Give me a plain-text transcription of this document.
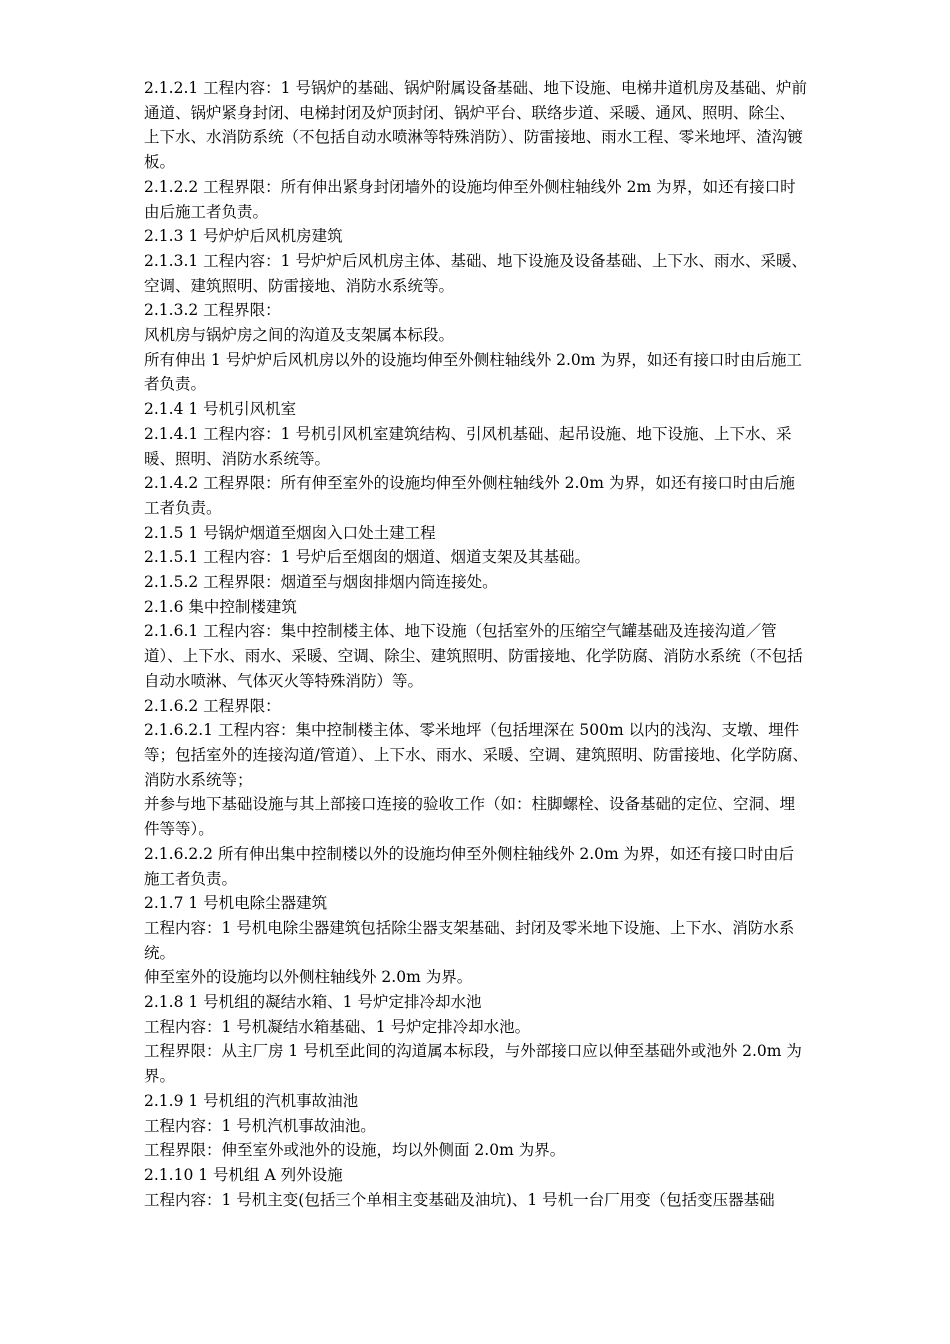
2.1.2.1 工程内容：1 号锅炉的基础、锅炉附属设备基础、地下设施、电梯井道机房及基础、炉前通道、锅炉紧身封闭、电梯封闭及炉顶封闭、锅炉平台、联络步道、采暖、通风、照明、除尘、上下水、水消防系统（不包括自动水喷淋等特殊消防）、防雷接地、雨水工程、零米地坪、渣沟镀板。

2.1.2.2 工程界限：所有伸出紧身封闭墙外的设施均伸至外侧柱轴线外 2m 为界，如还有接口时由后施工者负责。

2.1.3 1 号炉炉后风机房建筑

2.1.3.1 工程内容：1 号炉炉后风机房主体、基础、地下设施及设备基础、上下水、雨水、采暖、空调、建筑照明、防雷接地、消防水系统等。

2.1.3.2 工程界限：

风机房与锅炉房之间的沟道及支架属本标段。

所有伸出 1 号炉炉后风机房以外的设施均伸至外侧柱轴线外 2.0m 为界，如还有接口时由后施工者负责。

2.1.4 1 号机引风机室

2.1.4.1 工程内容：1 号机引风机室建筑结构、引风机基础、起吊设施、地下设施、上下水、采暖、照明、消防水系统等。

2.1.4.2 工程界限：所有伸至室外的设施均伸至外侧柱轴线外 2.0m 为界，如还有接口时由后施工者负责。

2.1.5 1 号锅炉烟道至烟囱入口处土建工程

2.1.5.1 工程内容：1 号炉后至烟囱的烟道、烟道支架及其基础。

2.1.5.2 工程界限：烟道至与烟囱排烟内筒连接处。

2.1.6 集中控制楼建筑

2.1.6.1 工程内容：集中控制楼主体、地下设施（包括室外的压缩空气罐基础及连接沟道／管道）、上下水、雨水、采暖、空调、除尘、建筑照明、防雷接地、化学防腐、消防水系统（不包括自动水喷淋、气体灭火等特殊消防）等。

2.1.6.2 工程界限：

2.1.6.2.1 工程内容：集中控制楼主体、零米地坪（包括埋深在 500m 以内的浅沟、支墩、埋件等；包括室外的连接沟道/管道）、上下水、雨水、采暖、空调、建筑照明、防雷接地、化学防腐、消防水系统等；

并参与地下基础设施与其上部接口连接的验收工作（如：柱脚螺栓、设备基础的定位、空洞、埋件等等）。

2.1.6.2.2 所有伸出集中控制楼以外的设施均伸至外侧柱轴线外 2.0m 为界，如还有接口时由后施工者负责。

2.1.7 1 号机电除尘器建筑

工程内容：1 号机电除尘器建筑包括除尘器支架基础、封闭及零米地下设施、上下水、消防水系统。

伸至室外的设施均以外侧柱轴线外 2.0m 为界。

2.1.8 1 号机组的凝结水箱、1 号炉定排冷却水池

工程内容：1 号机凝结水箱基础、1 号炉定排冷却水池。

工程界限：从主厂房 1 号机至此间的沟道属本标段，与外部接口应以伸至基础外或池外 2.0m 为界。

2.1.9 1 号机组的汽机事故油池

工程内容：1 号机汽机事故油池。

工程界限：伸至室外或池外的设施，均以外侧面 2.0m 为界。

2.1.10 1 号机组 A 列外设施

工程内容：1 号机主变(包括三个单相主变基础及油坑)、1 号机一台厂用变（包括变压器基础
